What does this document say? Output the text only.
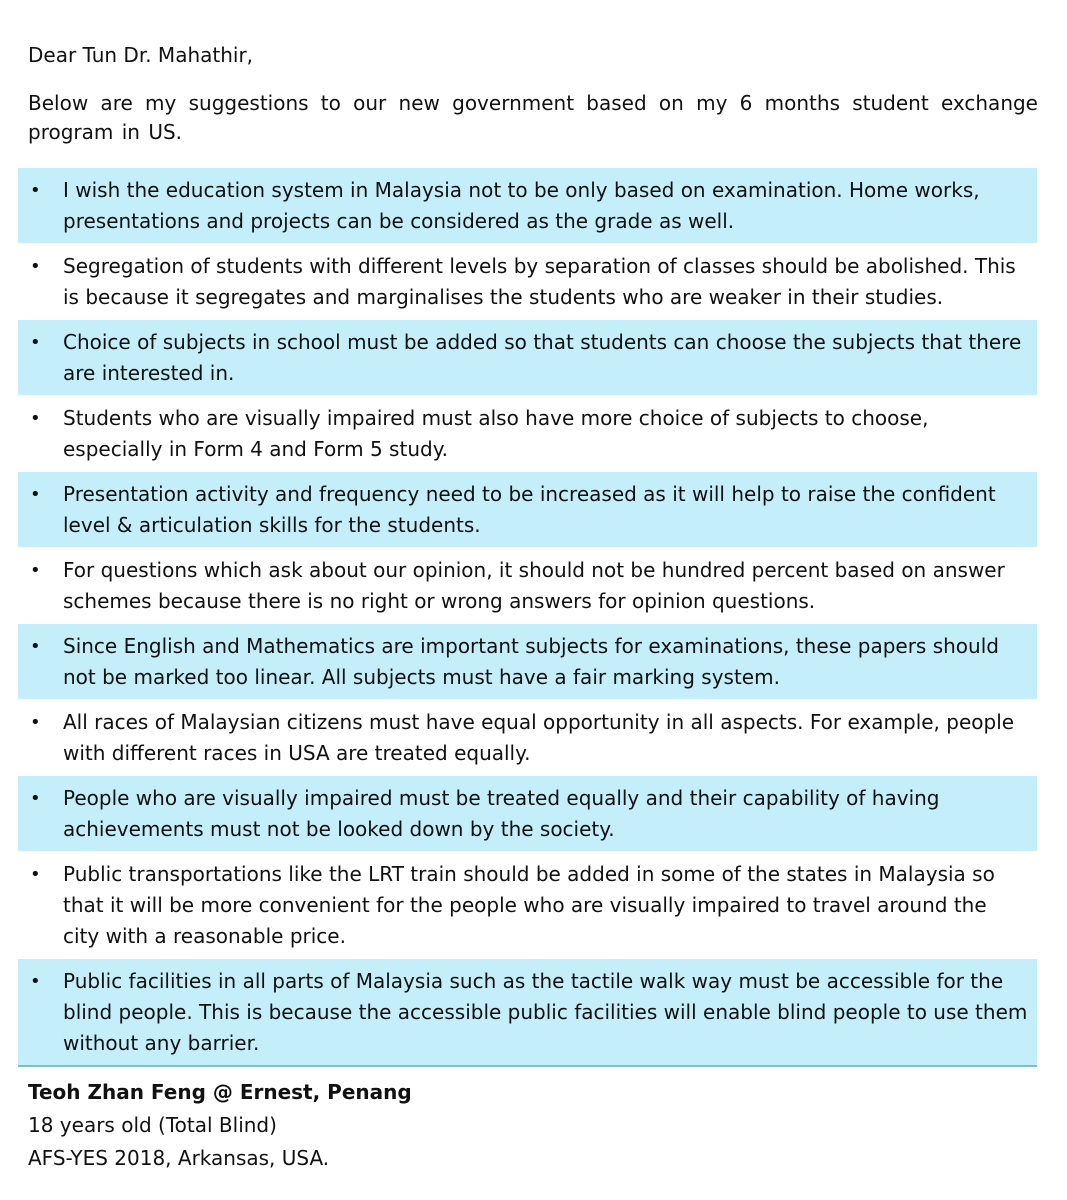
Dear Tun Dr. Mahathir,
Below are my suggestions to our new government based on my 6 months student exchange program in US.
• I wish the education system in Malaysia not to be only based on examination. Home works, presentations and projects can be considered as the grade as well.
• Segregation of students with different levels by separation of classes should be abolished. This is because it segregates and marginalises the students who are weaker in their studies.
• Choice of subjects in school must be added so that students can choose the subjects that there are interested in.
• Students who are visually impaired must also have more choice of subjects to choose, especially in Form 4 and Form 5 study.
• Presentation activity and frequency need to be increased as it will help to raise the confident level & articulation skills for the students.
• For questions which ask about our opinion, it should not be hundred percent based on answer schemes because there is no right or wrong answers for opinion questions.
• Since English and Mathematics are important subjects for examinations, these papers should not be marked too linear. All subjects must have a fair marking system.
• All races of Malaysian citizens must have equal opportunity in all aspects. For example, people with different races in USA are treated equally.
• People who are visually impaired must be treated equally and their capability of having achievements must not be looked down by the society.
• Public transportations like the LRT train should be added in some of the states in Malaysia so that it will be more convenient for the people who are visually impaired to travel around the city with a reasonable price.
• Public facilities in all parts of Malaysia such as the tactile walk way must be accessible for the blind people. This is because the accessible public facilities will enable blind people to use them without any barrier.
Teoh Zhan Feng @ Ernest, Penang
18 years old (Total Blind)
AFS-YES 2018, Arkansas, USA.
